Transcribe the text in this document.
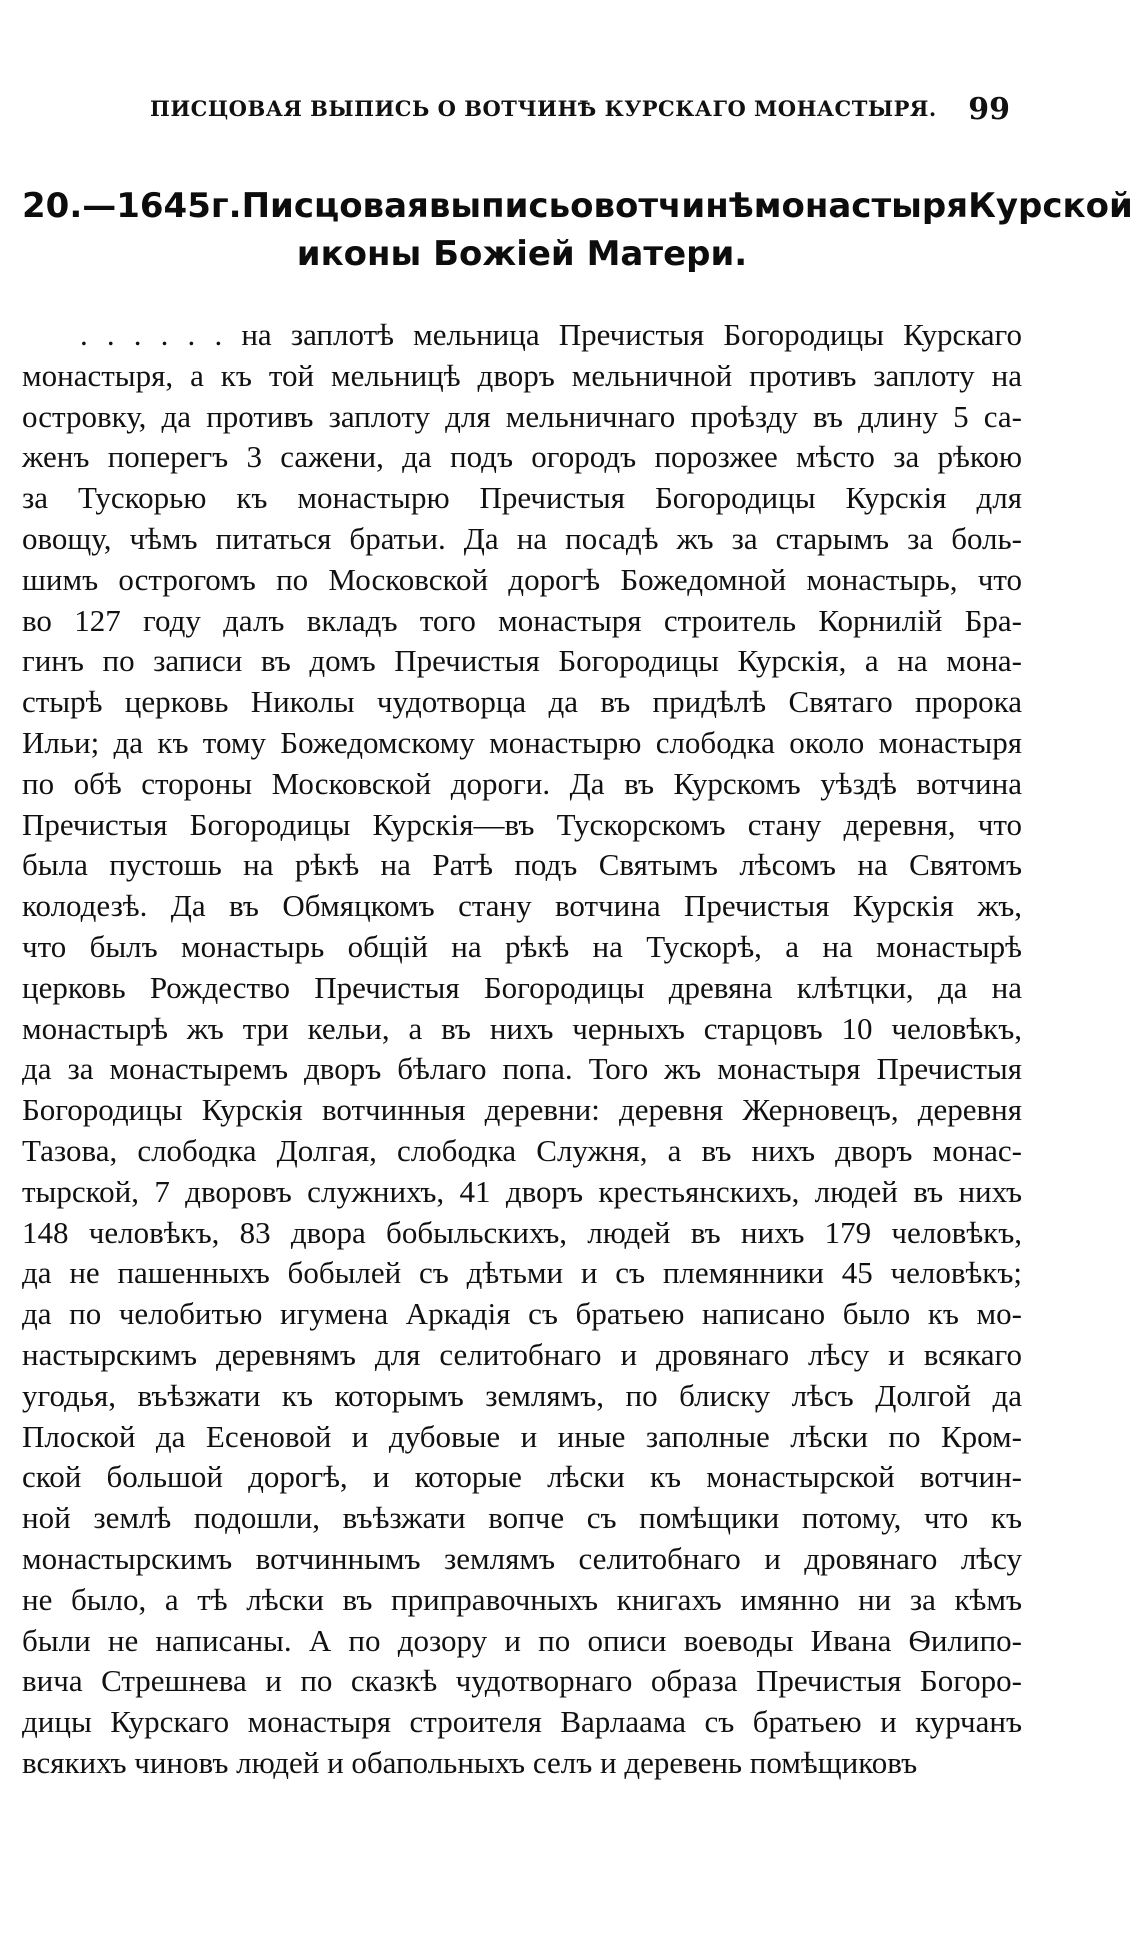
ПИСЦОВАЯ ВЫПИСЬ О ВОТЧИНѢ КУРСКАГО МОНАСТЫРЯ. 99
20. — 1645 г. Писцовая выпись о вотчинѣ монастыря Курской
иконы Божіей Матери.
. . . . . . на заплотѣ мельница Пречистыя Богородицы Курскаго
монастыря, а къ той мельницѣ дворъ мельничной противъ заплоту на
островку, да противъ заплоту для мельничнаго проѣзду въ длину 5 са-
женъ поперегъ 3 сажени, да подъ огородъ порозжее мѣсто за рѣкою
за Тускорью къ монастырю Пречистыя Богородицы Курскія для
овощу, чѣмъ питаться братьи. Да на посадѣ жъ за старымъ за боль-
шимъ острогомъ по Московской дорогѣ Божедомной монастырь, что
во 127 году далъ вкладъ того монастыря строитель Корнилій Бра-
гинъ по записи въ домъ Пречистыя Богородицы Курскія, а на мона-
стырѣ церковь Николы чудотворца да въ придѣлѣ Святаго пророка
Ильи; да къ тому Божедомскому монастырю слободка около монастыря
по обѣ стороны Московской дороги. Да въ Курскомъ уѣздѣ вотчина
Пречистыя Богородицы Курскія—въ Тускорскомъ стану деревня, что
была пустошь на рѣкѣ на Ратѣ подъ Святымъ лѣсомъ на Святомъ
колодезѣ. Да въ Обмяцкомъ стану вотчина Пречистыя Курскія жъ,
что былъ монастырь общій на рѣкѣ на Тускорѣ, а на монастырѣ
церковь Рождество Пречистыя Богородицы древяна клѣтцки, да на
монастырѣ жъ три кельи, а въ нихъ черныхъ старцовъ 10 человѣкъ,
да за монастыремъ дворъ бѣлаго попа. Того жъ монастыря Пречистыя
Богородицы Курскія вотчинныя деревни: деревня Жерновецъ, деревня
Тазова, слободка Долгая, слободка Служня, а въ нихъ дворъ монас-
тырской, 7 дворовъ служнихъ, 41 дворъ крестьянскихъ, людей въ нихъ
148 человѣкъ, 83 двора бобыльскихъ, людей въ нихъ 179 человѣкъ,
да не пашенныхъ бобылей съ дѣтьми и съ племянники 45 человѣкъ;
да по челобитью игумена Аркадія съ братьею написано было къ мо-
настырскимъ деревнямъ для селитобнаго и дровянаго лѣсу и всякаго
угодья, въѣзжати къ которымъ землямъ, по блиску лѣсъ Долгой да
Плоской да Есеновой и дубовые и иные заполные лѣски по Кром-
ской большой дорогѣ, и которые лѣски къ монастырской вотчин-
ной землѣ подошли, въѣзжати вопче съ помѣщики потому, что къ
монастырскимъ вотчиннымъ землямъ селитобнаго и дровянаго лѣсу
не было, а тѣ лѣски въ приправочныхъ книгахъ имянно ни за кѣмъ
были не написаны. А по дозору и по описи воеводы Ивана Ѳилипо-
вича Стрешнева и по сказкѣ чудотворнаго образа Пречистыя Богоро-
дицы Курскаго монастыря строителя Варлаама съ братьею и курчанъ
всякихъ чиновъ людей и обапольныхъ селъ и деревень помѣщиковъ
